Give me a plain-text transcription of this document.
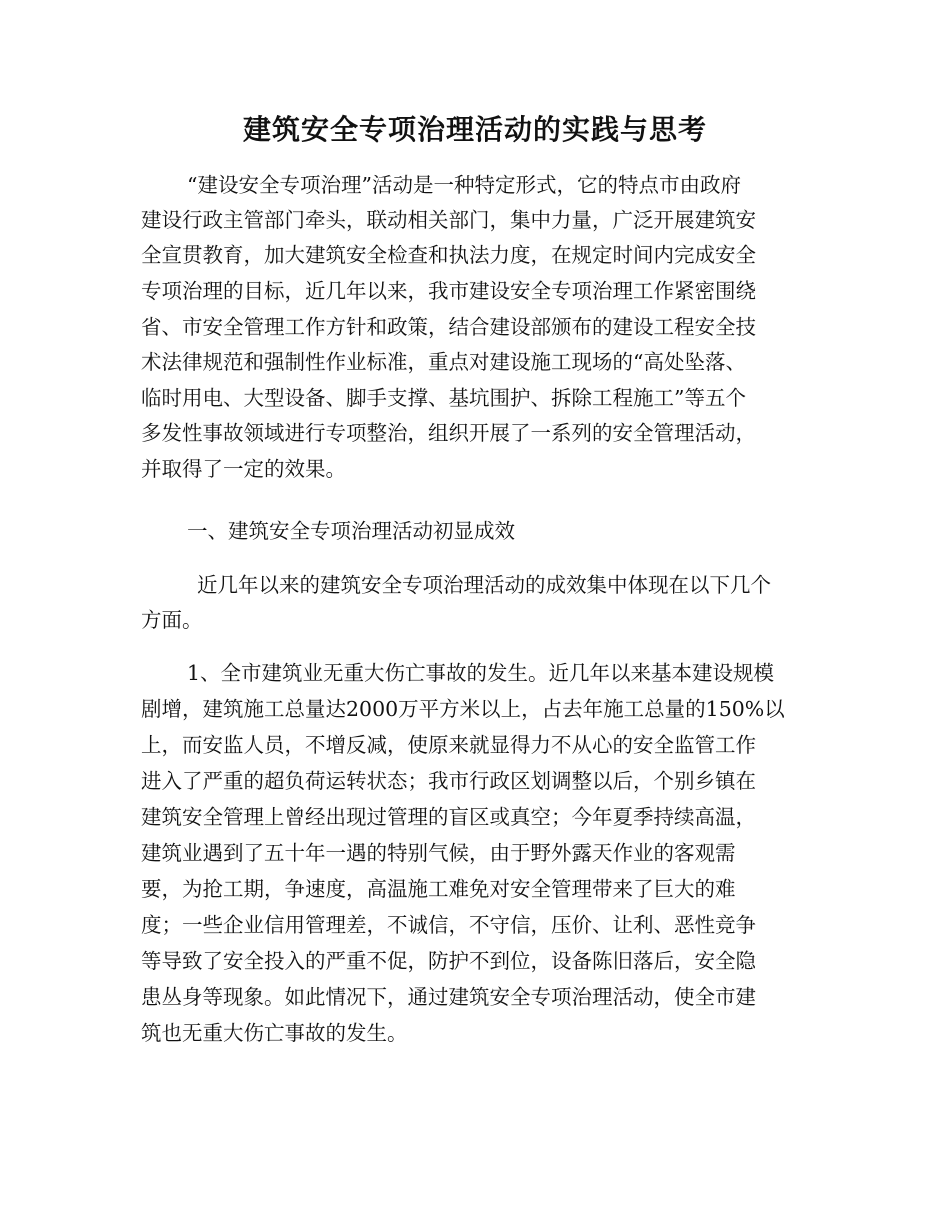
建筑安全专项治理活动的实践与思考

“建设安全专项治理”活动是一种特定形式，它的特点市由政府

建设行政主管部门牵头，联动相关部门，集中力量，广泛开展建筑安

全宣贯教育，加大建筑安全检查和执法力度，在规定时间内完成安全

专项治理的目标，近几年以来，我市建设安全专项治理工作紧密围绕

省、市安全管理工作方针和政策，结合建设部颁布的建设工程安全技

术法律规范和强制性作业标准，重点对建设施工现场的“高处坠落、

临时用电、大型设备、脚手支撑、基坑围护、拆除工程施工”等五个

多发性事故领域进行专项整治，组织开展了一系列的安全管理活动，

并取得了一定的效果。

一、建筑安全专项治理活动初显成效

近几年以来的建筑安全专项治理活动的成效集中体现在以下几个

方面。

1、全市建筑业无重大伤亡事故的发生。近几年以来基本建设规模

剧增，建筑施工总量达2000万平方米以上，占去年施工总量的150%以

上，而安监人员，不增反减，使原来就显得力不从心的安全监管工作

进入了严重的超负荷运转状态；我市行政区划调整以后，个别乡镇在

建筑安全管理上曾经出现过管理的盲区或真空；今年夏季持续高温，

建筑业遇到了五十年一遇的特别气候，由于野外露天作业的客观需

要，为抢工期，争速度，高温施工难免对安全管理带来了巨大的难

度；一些企业信用管理差，不诚信，不守信，压价、让利、恶性竞争

等导致了安全投入的严重不促，防护不到位，设备陈旧落后，安全隐

患丛身等现象。如此情况下，通过建筑安全专项治理活动，使全市建

筑也无重大伤亡事故的发生。
